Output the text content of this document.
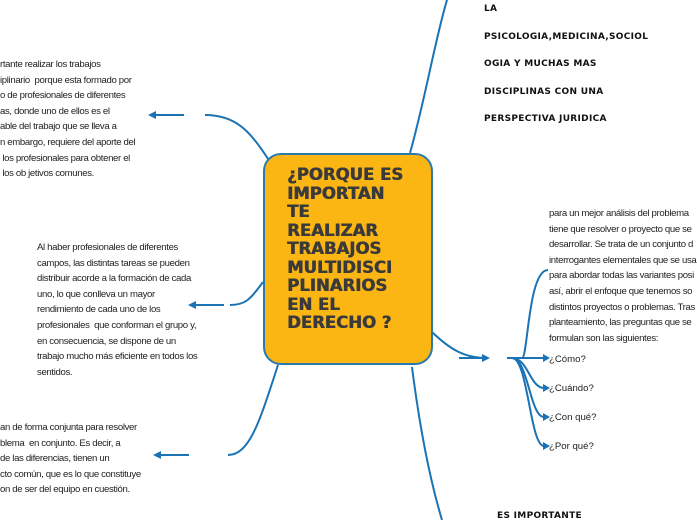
¿PORQUE ES
IMPORTAN
TE
REALIZAR
TRABAJOS
MULTIDISCI
PLINARIOS
EN EL
DERECHO ?
LA
PSICOLOGIA,MEDICINA,SOCIOL
OGIA Y MUCHAS MAS
DISCIPLINAS CON UNA
PERSPECTIVA JURIDICA
rtante realizar los trabajos
iplinario  porque esta formado por
o de profesionales de diferentes
as, donde uno de ellos es el
able del trabajo que se lleva a
n embargo, requiere del aporte del
los profesionales para obtener el
los ob jetivos comunes.
Al haber profesionales de diferentes
campos, las distintas tareas se pueden
distribuir acorde a la formación de cada
uno, lo que conlleva un mayor
rendimiento de cada uno de los
profesionales  que conforman el grupo y,
en consecuencia, se dispone de un
trabajo mucho más eficiente en todos los
sentidos.
an de forma conjunta para resolver
blema  en conjunto. Es decir, a
de las diferencias, tienen un
cto común, que es lo que constituye
on de ser del equipo en cuestión.
para un mejor análisis del problema
tiene que resolver o proyecto que se
desarrollar. Se trata de un conjunto d
interrogantes elementales que se usa
para abordar todas las variantes posi
así, abrir el enfoque que tenemos so
distintos proyectos o problemas. Tras
planteamiento, las preguntas que se
formulan son las siguientes:
¿Cómo?
¿Cuándo?
¿Con qué?
¿Por qué?
ES IMPORTANTE
